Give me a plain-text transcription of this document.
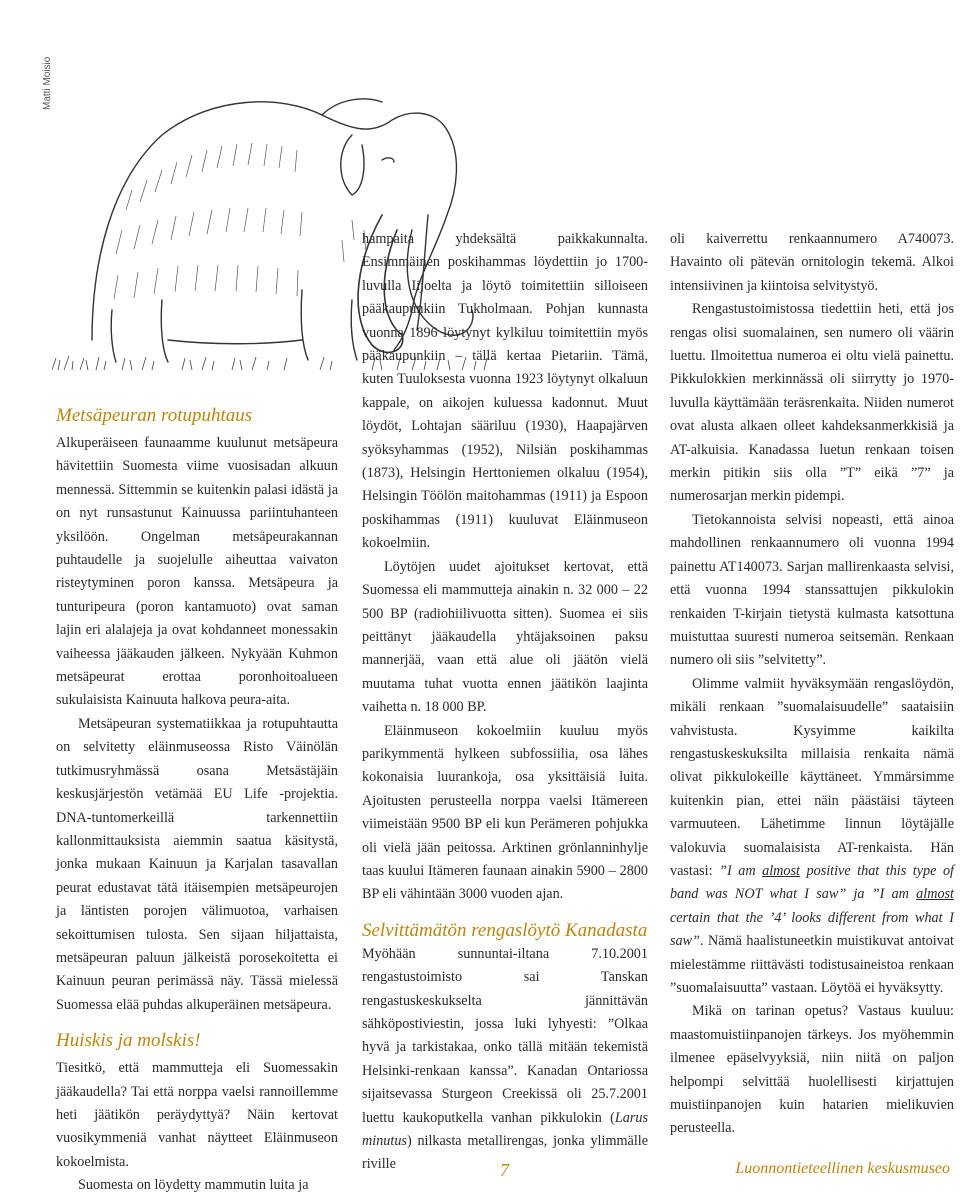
Matti Moisio
Metsäpeuran rotupuhtaus

Alkuperäiseen faunaamme kuulunut metsäpeura hävitettiin Suomesta viime vuosisadan alkuun mennessä. Sittemmin se kuitenkin palasi idästä ja on nyt runsastunut Kainuussa pariintuhanteen yksilöön. Ongelman metsäpeurakannan puhtaudelle ja suojelulle aiheuttaa vaivaton risteytyminen poron kanssa. Metsäpeura ja tunturipeura (poron kantamuoto) ovat saman lajin eri alalajeja ja ovat kohdanneet monessakin vaiheessa jääkauden jälkeen. Nykyään Kuhmon metsäpeurat erottaa poronhoitoalueen sukulaisista Kainuuta halkova peura-aita.

Metsäpeuran systematiikkaa ja rotupuhtautta on selvitetty eläinmuseossa Risto Väinölän tutkimusryhmässä osana Metsästäjäin keskusjärjestön vetämää EU Life -projektia. DNA-tuntomerkeillä tarkennettiin kallonmittauksista aiemmin saatua käsitystä, jonka mukaan Kainuun ja Karjalan tasavallan peurat edustavat tätä itäisempien metsäpeurojen ja läntisten porojen välimuotoa, varhaisen sekoittumisen tulosta. Sen sijaan hiljattaista, metsäpeuran paluun jälkeistä porosekoitetta ei Kainuun peuran perimässä näy. Tässä mielessä Suomessa elää puhdas alkuperäinen metsäpeura.

Huiskis ja molskis!

Tiesitkö, että mammutteja eli Suomessakin jääkaudella? Tai että norppa vaelsi rannoillemme heti jäätikön peräydyttyä? Näin kertovat vuosikymmeniä vanhat näytteet Eläinmuseon kokoelmista.

Suomesta on löydetty mammutin luita ja

hampaita yhdeksältä paikkakunnalta. Ensimmäinen poskihammas löydettiin jo 1700-luvulla Iijoelta ja löytö toimitettiin silloiseen pääkaupunkiin Tukholmaan. Pohjan kunnasta vuonna 1896 löytynyt kylkiluu toimitettiin myös pääkaupunkiin – tällä kertaa Pietariin. Tämä, kuten Tuuloksesta vuonna 1923 löytynyt olkaluun kappale, on aikojen kuluessa kadonnut. Muut löydöt, Lohtajan sääriluu (1930), Haapajärven syöksyhammas (1952), Nilsiän poskihammas (1873), Helsingin Herttoniemen olkaluu (1954), Helsingin Töölön maitohammas (1911) ja Espoon poskihammas (1911) kuuluvat Eläinmuseon kokoelmiin.

Löytöjen uudet ajoitukset kertovat, että Suomessa eli mammutteja ainakin n. 32 000 – 22 500 BP (radiohiilivuotta sitten). Suomea ei siis peittänyt jääkaudella yhtäjaksoinen paksu mannerjää, vaan että alue oli jäätön vielä muutama tuhat vuotta ennen jäätikön laajinta vaihetta n. 18 000 BP.

Eläinmuseon kokoelmiin kuuluu myös parikymmentä hylkeen subfossiilia, osa lähes kokonaisia luurankoja, osa yksittäisiä luita. Ajoitusten perusteella norppa vaelsi Itämereen viimeistään 9500 BP eli kun Perämeren pohjukka oli vielä jään peitossa. Arktinen grönlanninhylje taas kuului Itämeren faunaan ainakin 5900 – 2800 BP eli vähintään 3000 vuoden ajan.

Selvittämätön rengaslöytö Kanadasta

Myöhään sunnuntai-iltana 7.10.2001 rengastustoimisto sai Tanskan rengastuskeskukselta jännittävän sähköpostiviestin, jossa luki lyhyesti: ”Olkaa hyvä ja tarkistakaa, onko tällä mitään tekemistä Helsinki-renkaan kanssa”. Kanadan Ontariossa sijaitsevassa Sturgeon Creekissä oli 25.7.2001 luettu kaukoputkella vanhan pikkulokin (Larus minutus) nilkasta metallirengas, jonka ylimmälle riville

oli kaiverrettu renkaannumero A740073. Havainto oli pätevän ornitologin tekemä. Alkoi intensiivinen ja kiintoisa selvitystyö.

Rengastustoimistossa tiedettiin heti, että jos rengas olisi suomalainen, sen numero oli väärin luettu. Ilmoitettua numeroa ei oltu vielä painettu. Pikkulokkien merkinnässä oli siirrytty jo 1970-luvulla käyttämään teräsrenkaita. Niiden numerot ovat alusta alkaen olleet kahdeksanmerkkisiä ja AT-alkuisia. Kanadassa luetun renkaan toisen merkin pitikin siis olla ”T” eikä ”7” ja numerosarjan merkin pidempi.

Tietokannoista selvisi nopeasti, että ainoa mahdollinen renkaannumero oli vuonna 1994 painettu AT140073. Sarjan mallirenkaasta selvisi, että vuonna 1994 stanssattujen pikkulokin renkaiden T-kirjain tietystä kulmasta katsottuna muistuttaa suuresti numeroa seitsemän. Renkaan numero oli siis ”selvitetty”.

Olimme valmiit hyväksymään rengaslöydön, mikäli renkaan ”suomalaisuudelle” saataisiin vahvistusta. Kysyimme kaikilta rengastuskeskuksilta millaisia renkaita nämä olivat pikkulokeille käyttäneet. Ymmärsimme kuitenkin pian, ettei näin päästäisi täyteen varmuuteen. Lähetimme linnun löytäjälle valokuvia suomalaisista AT-renkaista. Hän vastasi: ”I am almost positive that this type of band was NOT what I saw” ja ”I am almost certain that the ’4’ looks different from what I saw”. Nämä haalistuneetkin muistikuvat antoivat mielestämme riittävästi todistusaineistoa renkaan ”suomalaisuutta” vastaan. Löytöä ei hyväksytty.

Mikä on tarinan opetus? Vastaus kuuluu: maastomuistiinpanojen tärkeys. Jos myöhemmin ilmenee epäselvyyksiä, niin niitä on paljon helpompi selvittää huolellisesti kirjattujen muistiinpanojen kuin hatarien mielikuvien perusteella.

7	Luonnontieteellinen keskusmuseo
